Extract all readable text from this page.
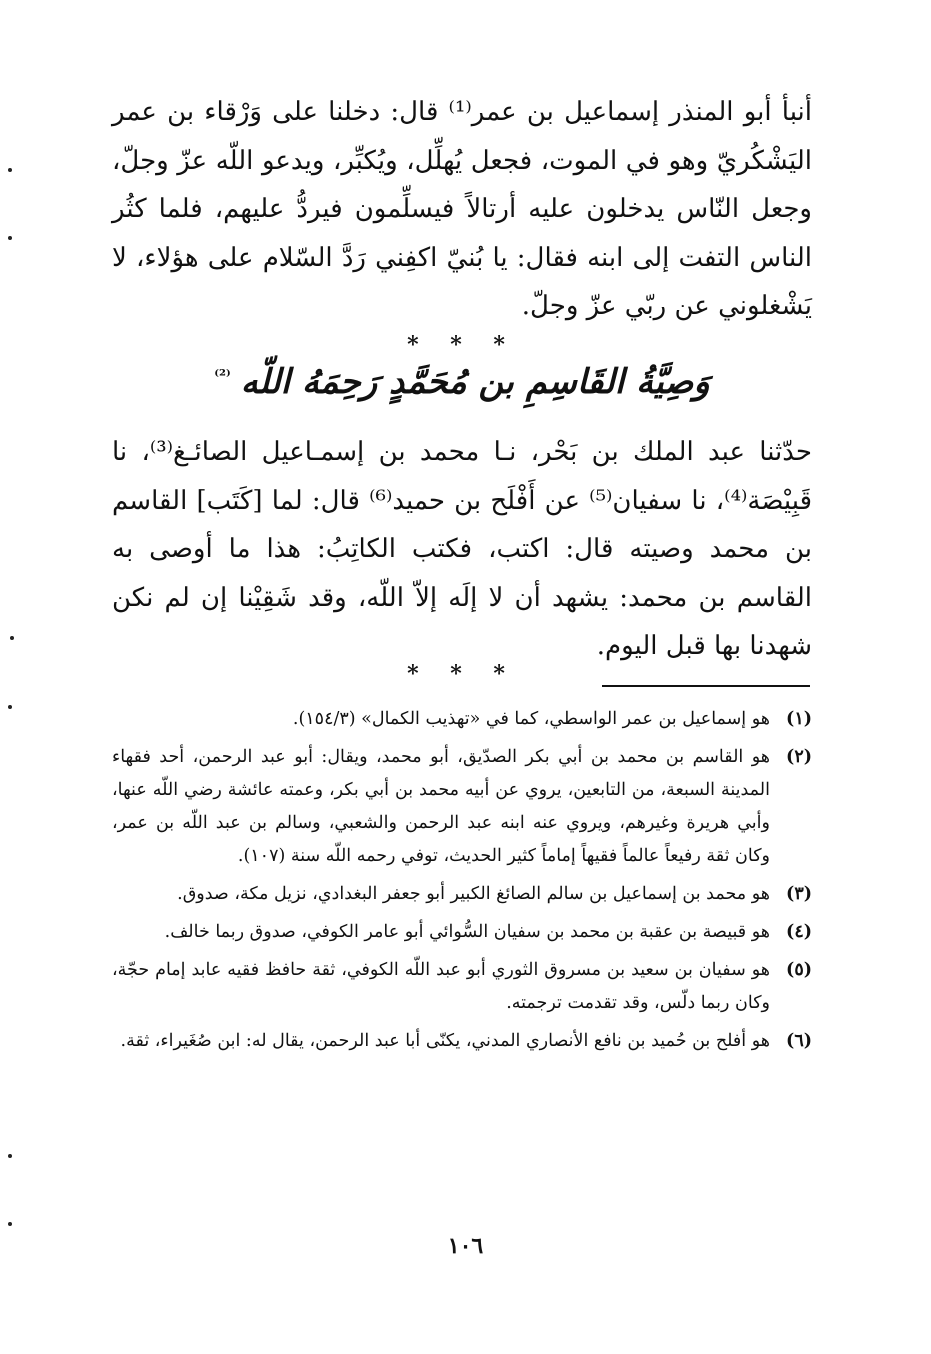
أنبأ أبو المنذر إسماعيل بن عمر⁽¹⁾ قال: دخلنا على وَرْقاء بن عمر اليَشْكُريّ وهو في الموت، فجعل يُهلِّل، ويُكبِّر، ويدعو اللّه عزّ وجلّ، وجعل النّاس يدخلون عليه أرتالاً فيسلِّمون فيردُّ عليهم، فلما كثُر الناس التفت إلى ابنه فقال: يا بُنيّ اكفِني رَدَّ السّلام على هؤلاء، لا يَشْغلوني عن ربّي عزّ وجلّ.

* * *
وَصِيَّةُ القَاسِمِ بن مُحَمَّدٍ رَحِمَهُ اللّه$^{^{(2)}}$

حدّثنا عبد الملك بن بَحْر، نـا محمد بن إسمـاعيل الصائـغ⁽³⁾، نا قَبِيْصَة⁽⁴⁾، نا سفيان⁽⁵⁾ عن أَفْلَح بن حميد⁽⁶⁾ قال: لما [كَتَب] القاسم بن محمد وصيته قال: اكتب، فكتب الكاتِبُ: هذا ما أوصى به القاسم بن محمد: يشهد أن لا إلَه إلاّ اللّه، وقد شَقِيْنا إن لم نكن شهدنا بها قبل اليوم.

* * *

(١)
هو إسماعيل بن عمر الواسطي، كما في «تهذيب الكمال» (١٥٤/٣).

(٢)
هو القاسم بن محمد بن أبي بكر الصدّيق، أبو محمد، ويقال: أبو عبد الرحمن، أحد فقهاء المدينة السبعة، من التابعين، يروي عن أبيه محمد بن أبي بكر، وعمته عائشة رضي اللّه عنها، وأبي هريرة وغيرهم، ويروي عنه ابنه عبد الرحمن والشعبي، وسالم بن عبد اللّه بن عمر، وكان ثقة رفيعاً عالماً فقيهاً إماماً كثير الحديث، توفي رحمه اللّه سنة (١٠٧).

(٣)
هو محمد بن إسماعيل بن سالم الصائغ الكبير أبو جعفر البغدادي، نزيل مكة، صدوق.

(٤)
هو قبيصة بن عقبة بن محمد بن سفيان السُّوائي أبو عامر الكوفي، صدوق ربما خالف.

(٥)
هو سفيان بن سعيد بن مسروق الثوري أبو عبد اللّه الكوفي، ثقة حافظ فقيه عابد إمام حجّة، وكان ربما دلّس، وقد تقدمت ترجمته.

(٦)
هو أفلح بن حُميد بن نافع الأنصاري المدني، يكنّى أبا عبد الرحمن، يقال له: ابن صُغَيراء، ثقة.

١٠٦
